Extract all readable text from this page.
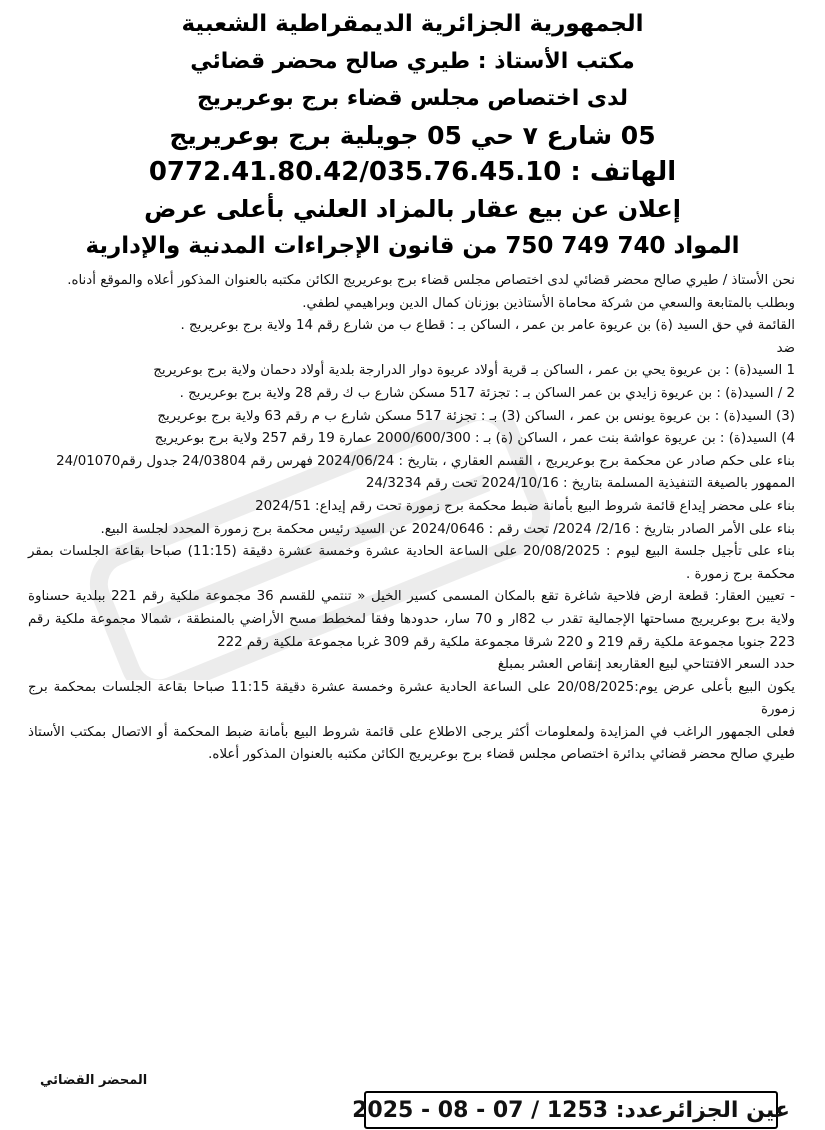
الجمهورية الجزائرية الديمقراطية الشعبية
مكتب الأستاذ : طيري صالح محضر قضائي
لدى اختصاص مجلس قضاء برج بوعريريج
05 شارع ٧ حي 05 جويلية برج بوعريريج
الهاتف : 0772.41.80.42/035.76.45.10
إعلان عن بيع عقار بالمزاد العلني بأعلى عرض
المواد 740 749 750 من قانون الإجراءات المدنية والإدارية

نحن الأستاذ / طيري صالح محضر قضائي لدى اختصاص مجلس قضاء برج بوعريريج الكائن مكتبه بالعنوان المذكور أعلاه والموقع أدناه.

وبطلب بالمتابعة والسعي من شركة محاماة الأستاذين بوزنان كمال الدين وبراهيمي لطفي.

القائمة في حق السيد (ة) بن عريوة عامر بن عمر ، الساكن بـ : قطاع ب من شارع رقم 14 ولاية برج بوعريريج .

ضد

1 السيد(ة) : بن عريوة يحي بن عمر ، الساكن بـ قرية أولاد عريوة دوار الدرارجة بلدية أولاد دحمان ولاية برج بوعريريج

2 / السيد(ة) : بن عريوة زايدي بن عمر الساكن بـ : تجزئة 517 مسكن شارع ب ك رقم 28 ولاية برج بوعريريج .

(3) السيد(ة) : بن عريوة يونس بن عمر ، الساكن (3) بـ : تجزئة 517 مسكن شارع ب م رقم 63 ولاية برج بوعريريج

4) السيد(ة) : بن عريوة عواشة بنت عمر ، الساكن (ة) بـ : 2000/600/300 عمارة 19 رقم 257 ولاية برج بوعريريج

بناء على حكم صادر عن محكمة برج بوعريريج ، القسم العقاري ، بتاريخ : 2024/06/24 فهرس رقم 24/03804 جدول رقم24/01070

الممهور بالصيغة التنفيذية المسلمة بتاريخ : 2024/10/16 تحت رقم 24/3234

بناء على محضر إيداع قائمة شروط البيع بأمانة ضبط محكمة برج زمورة تحت رقم إيداع: 2024/51

بناء على الأمر الصادر بتاريخ : 2/16/ 2024/ تحت رقم : 2024/0646 عن السيد رئيس محكمة برج زمورة المحدد لجلسة البيع.

بناء على تأجيل جلسة البيع ليوم : 20/08/2025 على الساعة الحادية عشرة وخمسة عشرة دقيقة (11:15) صباحا بقاعة الجلسات بمقر محكمة برج زمورة .

- تعيين العقار: قطعة ارض فلاحية شاغرة تقع بالمكان المسمى كسير الخيل « تنتمي للقسم 36 مجموعة ملكية رقم 221 ببلدية حسناوة ولاية برج بوعريريج مساحتها الإجمالية تقدر ب 82ار و 70 سار، حدودها وفقا لمخطط مسح الأراضي بالمنطقة ، شمالا مجموعة ملكية رقم 223 جنوبا مجموعة ملكية رقم 219 و 220 شرقا مجموعة ملكية رقم 309 غربا مجموعة ملكية رقم 222

حدد السعر الافتتاحي لبيع العقاربعد إنقاص العشر بمبلغ

يكون البيع بأعلى عرض يوم:20/08/2025 على الساعة الحادية عشرة وخمسة عشرة دقيقة 11:15 صباحا بقاعة الجلسات بمحكمة برج زمورة

فعلى الجمهور الراغب في المزايدة ولمعلومات أكثر يرجى الاطلاع على قائمة شروط البيع بأمانة ضبط المحكمة أو الاتصال بمكتب الأستاذ طيري صالح محضر قضائي بدائرة اختصاص مجلس قضاء برج بوعريريج الكائن مكتبه بالعنوان المذكور أعلاه.

المحضر القضائي
عين الجزائرعدد: 1253 / 07 - 08 - 2025
